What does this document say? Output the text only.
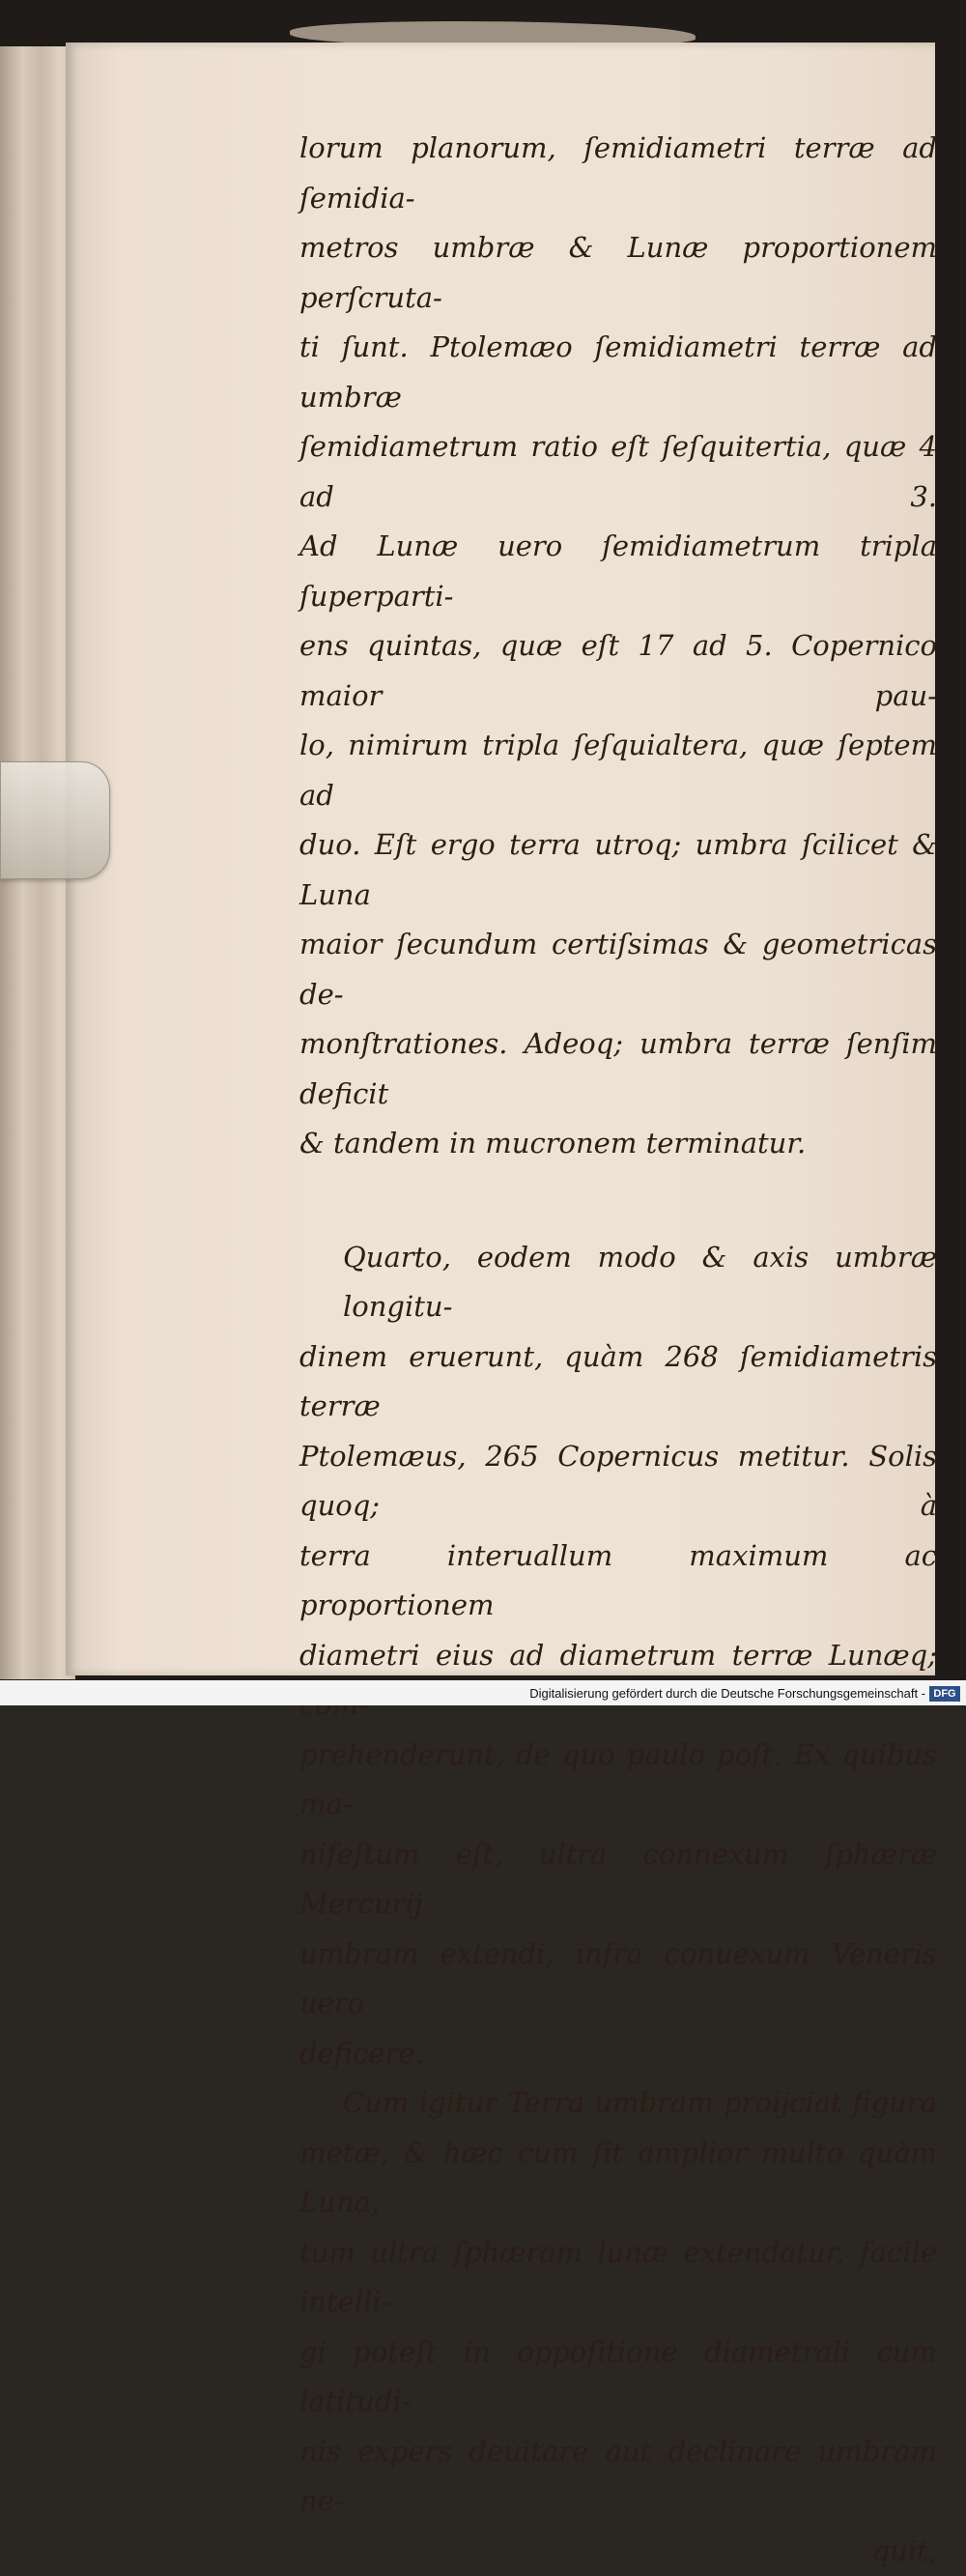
lorum planorum, ſemidiametri terræ ad ſemidia-
metros umbræ & Lunæ proportionem perſcruta-
ti ſunt. Ptolemæo ſemidiametri terræ ad umbræ
ſemidiametrum ratio eſt ſeſquitertia, quæ 4 ad 3.
Ad Lunæ uero ſemidiametrum tripla ſuperparti-
ens quintas, quæ eſt 17 ad 5. Copernico maior pau-
lo, nimirum tripla ſeſquialtera, quæ ſeptem ad
duo. Eſt ergo terra utroq; umbra ſcilicet & Luna
maior ſecundum certiſsimas & geometricas de-
monſtrationes. Adeoq; umbra terræ ſenſim deficit
& tandem in mucronem terminatur.
Quarto, eodem modo & axis umbræ longitu-
dinem eruerunt, quàm 268 ſemidiametris terræ
Ptolemæus, 265 Copernicus metitur. Solis quoq; à
terra interuallum maximum ac proportionem
diametri eius ad diametrum terræ Lunæq;
prehenderunt, de quo paulo poſt. Ex quibus ma-
nifeſtum eſt, ultra connexum ſphæræ Mercurij
umbram extendi, infra conuexum Veneris uero
deficere.
Cum igitur Terra umbram proijciat figura
metæ, & hæc cum ſit amplior multo quàm Luna,
tum ultra ſphæram lunæ extendatur, facile intelli-
gi poteſt in oppoſitione diametrali cum latitudi-
nis expers deuitare aut declinare umbram ne-
quit,
Digitalisierung gefördert durch die Deutsche Forschungsgemeinschaft - DFG
